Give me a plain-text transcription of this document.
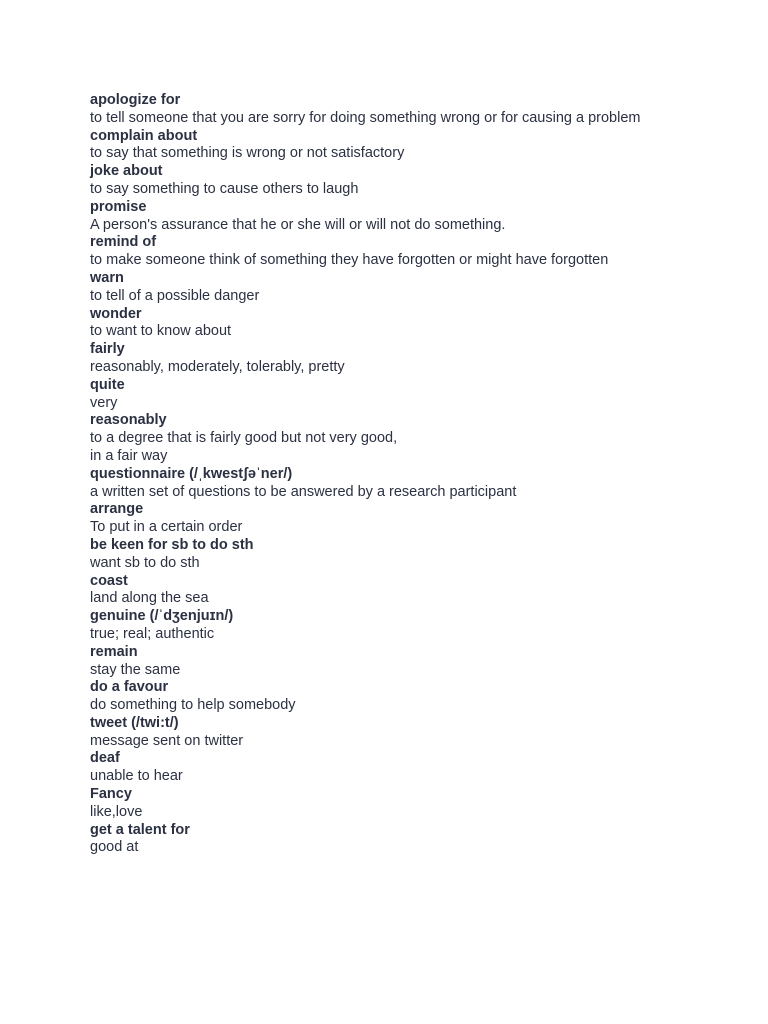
apologize for
to tell someone that you are sorry for doing something wrong or for causing a problem
complain about
to say that something is wrong or not satisfactory
joke about
to say something to cause others to laugh
promise
A person's assurance that he or she will or will not do something.
remind of
to make someone think of something they have forgotten or might have forgotten
warn
to tell of a possible danger
wonder
to want to know about
fairly
reasonably, moderately, tolerably, pretty
quite
very
reasonably
to a degree that is fairly good but not very good,
in a fair way
questionnaire (/ˌkwestʃəˈner/)
a written set of questions to be answered by a research participant
arrange
To put in a certain order
be keen for sb to do sth
want sb to do sth
coast
land along the sea
genuine (/ˈdʒenjuɪn/)
true; real; authentic
remain
stay the same
do a favour
do something to help somebody
tweet (/twi:t/)
message sent on twitter
deaf
unable to hear
Fancy
like,love
get a talent for
good at
